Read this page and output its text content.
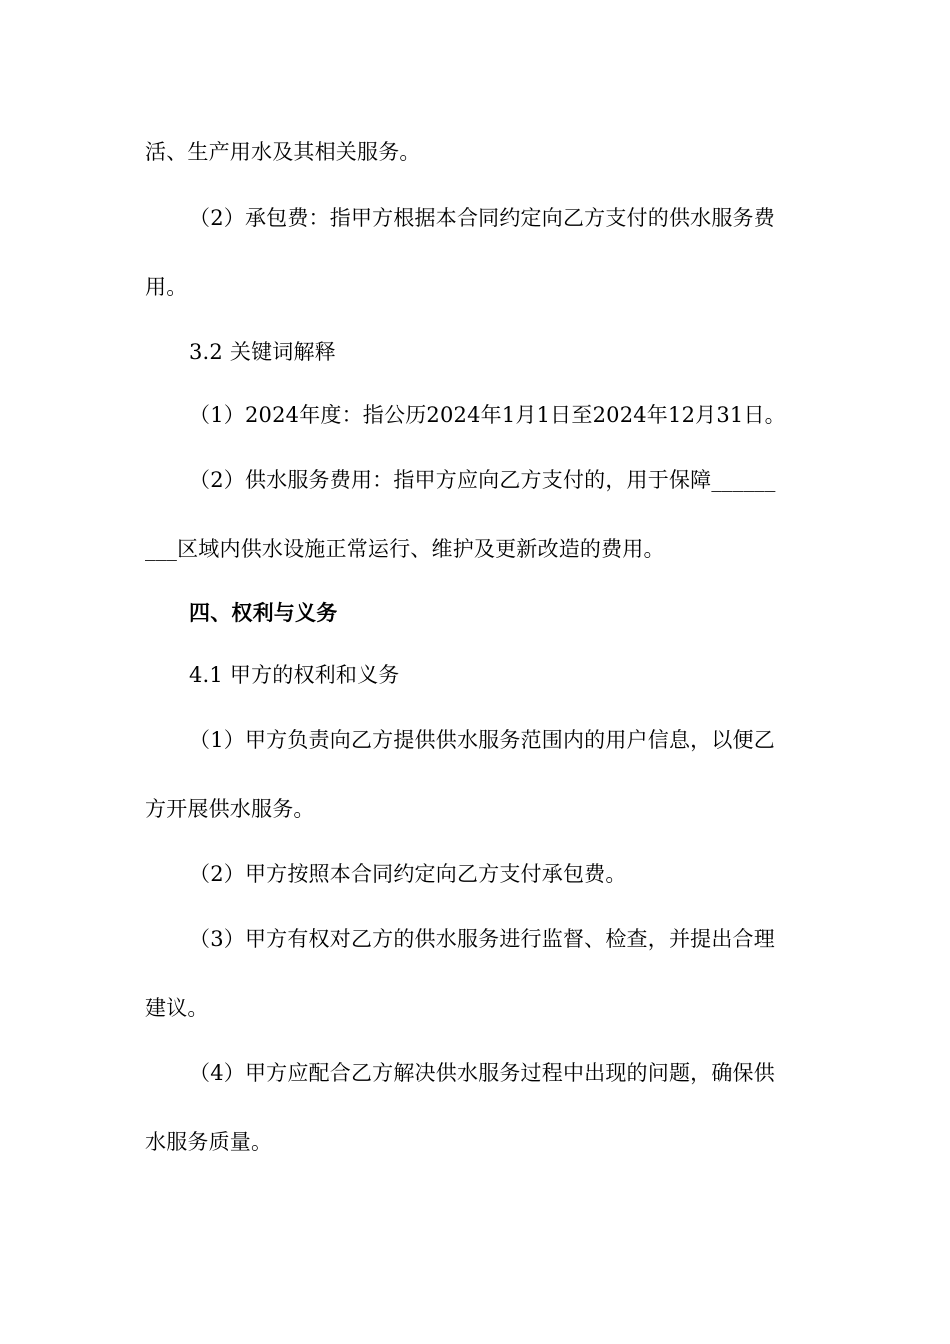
活、生产用水及其相关服务。
（2）承包费：指甲方根据本合同约定向乙方支付的供水服务费
用。
3.2 关键词解释
（1）2024年度：指公历2024年1月1日至2024年12月31日。
（2）供水服务费用：指甲方应向乙方支付的，用于保障______
___区域内供水设施正常运行、维护及更新改造的费用。
四、权利与义务
4.1 甲方的权利和义务
（1）甲方负责向乙方提供供水服务范围内的用户信息，以便乙
方开展供水服务。
（2）甲方按照本合同约定向乙方支付承包费。
（3）甲方有权对乙方的供水服务进行监督、检查，并提出合理
建议。
（4）甲方应配合乙方解决供水服务过程中出现的问题，确保供
水服务质量。
